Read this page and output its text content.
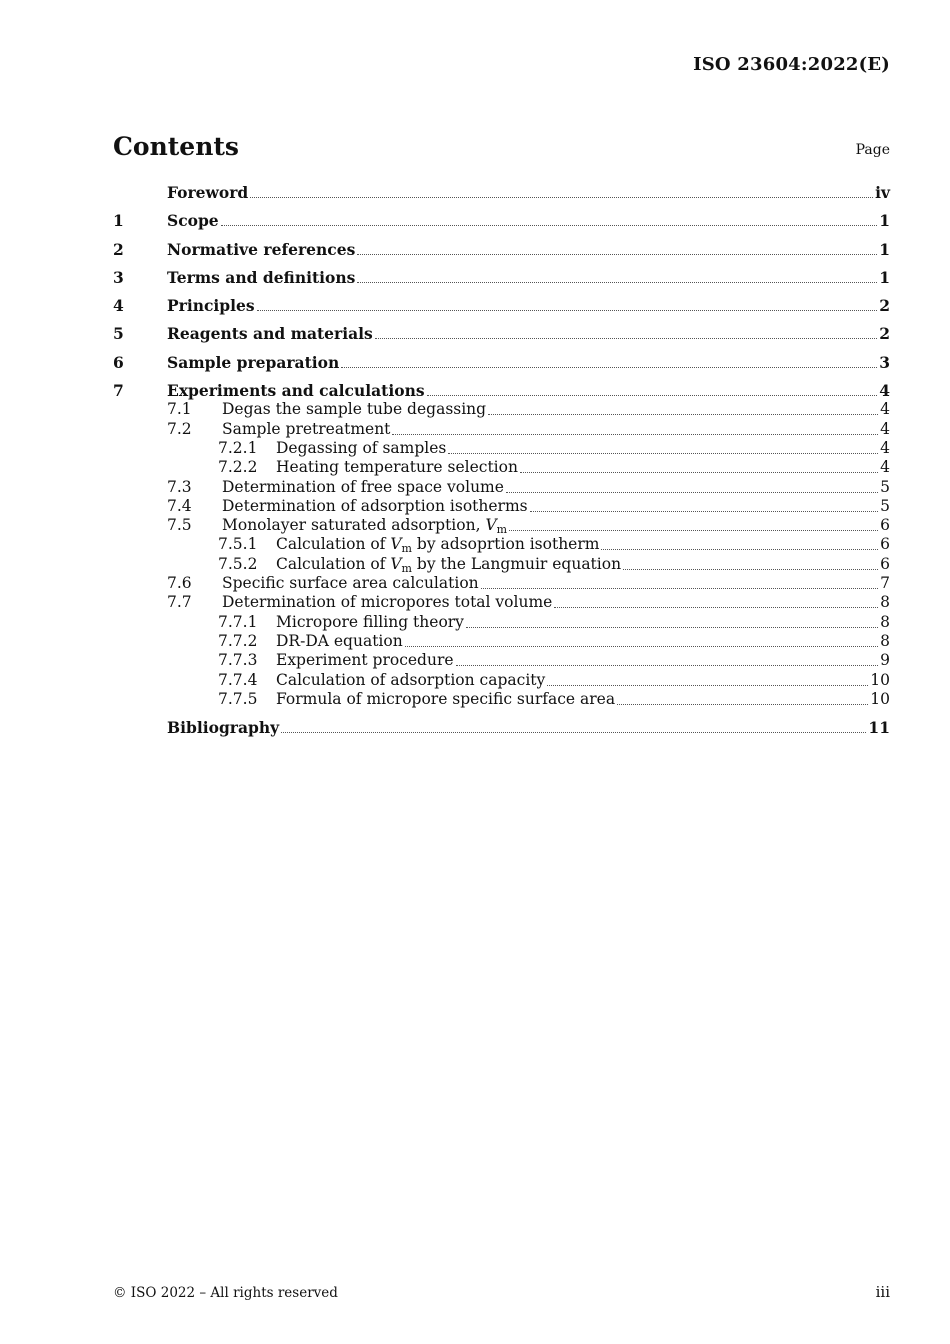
ISO 23604:2022(E)
Contents	Page
Foreword	iv
1	Scope	1
2	Normative references	1
3	Terms and definitions	1
4	Principles	2
5	Reagents and materials	2
6	Sample preparation	3
7	Experiments and calculations	4
7.1	Degas the sample tube degassing	4
7.2	Sample pretreatment	4
7.2.1	Degassing of samples	4
7.2.2	Heating temperature selection	4
7.3	Determination of free space volume	5
7.4	Determination of adsorption isotherms	5
7.5	Monolayer saturated adsorption, $V_m$	6
7.5.1	Calculation of $V_m$ by adsoprtion isotherm	6
7.5.2	Calculation of $V_m$ by the Langmuir equation	6
7.6	Specific surface area calculation	7
7.7	Determination of micropores total volume	8
7.7.1	Micropore filling theory	8
7.7.2	DR-DA equation	8
7.7.3	Experiment procedure	9
7.7.4	Calculation of adsorption capacity	10
7.7.5	Formula of micropore specific surface area	10
Bibliography	11
© ISO 2022 – All rights reserved	iii
